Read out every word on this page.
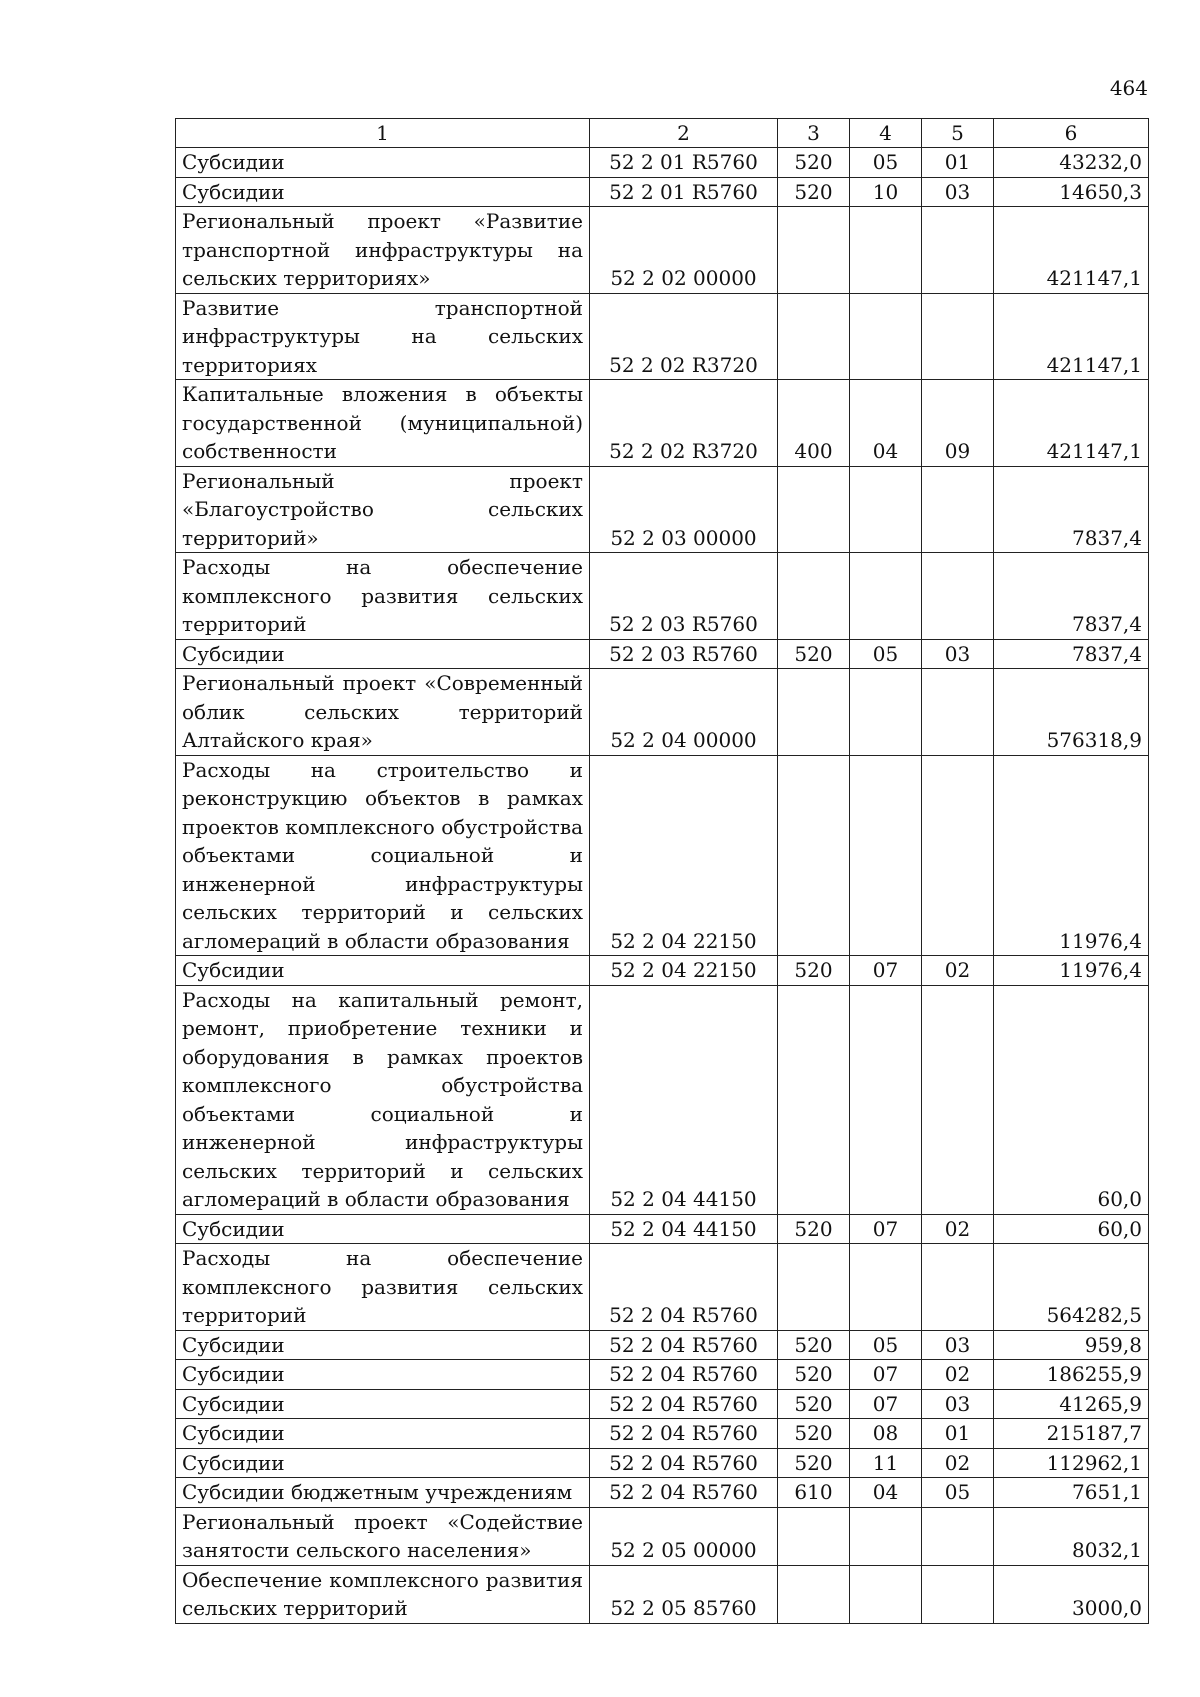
464
1	2	3	4	5	6
Субсидии	52 2 01 R5760	520	05	01	43232,0
Субсидии	52 2 01 R5760	520	10	03	14650,3
Региональный проект «Развитие транспортной инфраструктуры на сельских территориях»	52 2 02 00000				421147,1
Развитие транспортной инфраструктуры на сельских территориях	52 2 02 R3720				421147,1
Капитальные вложения в объекты государственной (муниципальной) собственности	52 2 02 R3720	400	04	09	421147,1
Региональный проект «Благоустройство сельских территорий»	52 2 03 00000				7837,4
Расходы на обеспечение комплексного развития сельских территорий	52 2 03 R5760				7837,4
Субсидии	52 2 03 R5760	520	05	03	7837,4
Региональный проект «Современный облик сельских территорий Алтайского края»	52 2 04 00000				576318,9
Расходы на строительство и реконструкцию объектов в рамках проектов комплексного обустройства объектами социальной и инженерной инфраструктуры сельских территорий и сельских агломераций в области образования	52 2 04 22150				11976,4
Субсидии	52 2 04 22150	520	07	02	11976,4
Расходы на капитальный ремонт, ремонт, приобретение техники и оборудования в рамках проектов комплексного обустройства объектами социальной и инженерной инфраструктуры сельских территорий и сельских агломераций в области образования	52 2 04 44150				60,0
Субсидии	52 2 04 44150	520	07	02	60,0
Расходы на обеспечение комплексного развития сельских территорий	52 2 04 R5760				564282,5
Субсидии	52 2 04 R5760	520	05	03	959,8
Субсидии	52 2 04 R5760	520	07	02	186255,9
Субсидии	52 2 04 R5760	520	07	03	41265,9
Субсидии	52 2 04 R5760	520	08	01	215187,7
Субсидии	52 2 04 R5760	520	11	02	112962,1
Субсидии бюджетным учреждениям	52 2 04 R5760	610	04	05	7651,1
Региональный проект «Содействие занятости сельского населения»	52 2 05 00000				8032,1
Обеспечение комплексного развития сельских территорий	52 2 05 85760				3000,0
